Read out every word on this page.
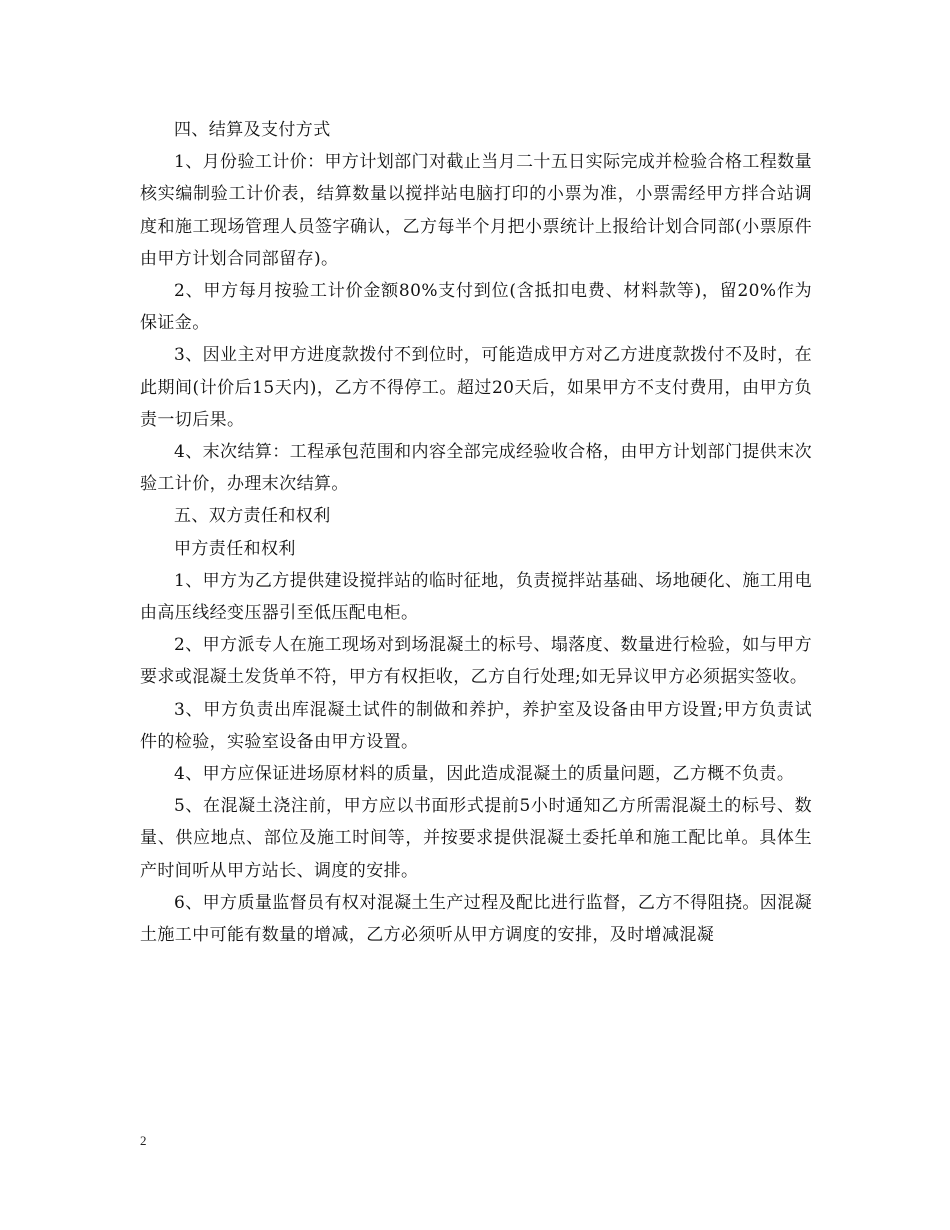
四、结算及支付方式

1、月份验工计价：甲方计划部门对截止当月二十五日实际完成并检验合格工程数量核实编制验工计价表，结算数量以搅拌站电脑打印的小票为准，小票需经甲方拌合站调度和施工现场管理人员签字确认，乙方每半个月把小票统计上报给计划合同部(小票原件由甲方计划合同部留存)。

2、甲方每月按验工计价金额80%支付到位(含抵扣电费、材料款等)，留20%作为保证金。

3、因业主对甲方进度款拨付不到位时，可能造成甲方对乙方进度款拨付不及时，在此期间(计价后15天内)，乙方不得停工。超过20天后，如果甲方不支付费用，由甲方负责一切后果。

4、末次结算：工程承包范围和内容全部完成经验收合格，由甲方计划部门提供末次验工计价，办理末次结算。

五、双方责任和权利

甲方责任和权利

1、甲方为乙方提供建设搅拌站的临时征地，负责搅拌站基础、场地硬化、施工用电由高压线经变压器引至低压配电柜。

2、甲方派专人在施工现场对到场混凝土的标号、塌落度、数量进行检验，如与甲方要求或混凝土发货单不符，甲方有权拒收，乙方自行处理;如无异议甲方必须据实签收。

3、甲方负责出库混凝土试件的制做和养护，养护室及设备由甲方设置;甲方负责试件的检验，实验室设备由甲方设置。

4、甲方应保证进场原材料的质量，因此造成混凝土的质量问题，乙方概不负责。

5、在混凝土浇注前，甲方应以书面形式提前5小时通知乙方所需混凝土的标号、数量、供应地点、部位及施工时间等，并按要求提供混凝土委托单和施工配比单。具体生产时间听从甲方站长、调度的安排。

6、甲方质量监督员有权对混凝土生产过程及配比进行监督，乙方不得阻挠。因混凝土施工中可能有数量的增减，乙方必须听从甲方调度的安排，及时增减混凝

2
